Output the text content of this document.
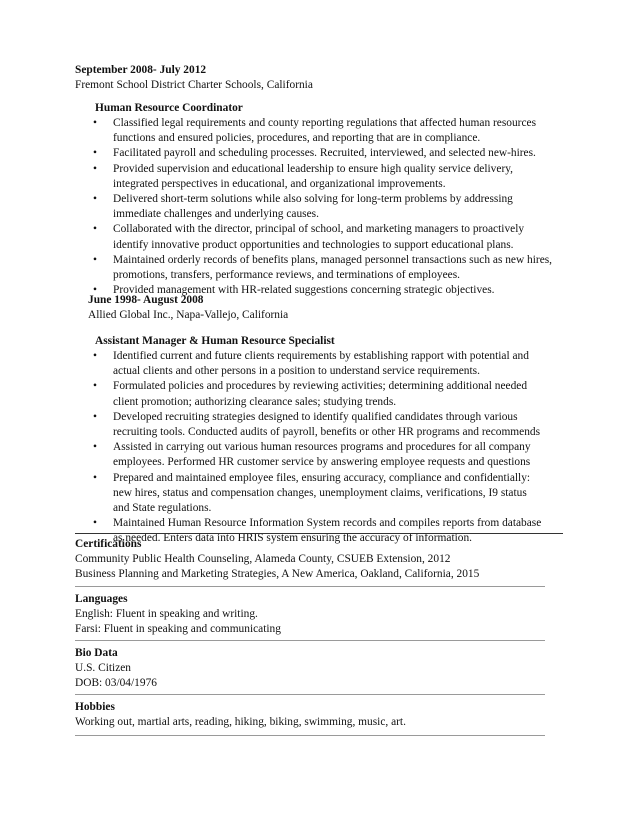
September 2008- July 2012
Fremont School District Charter Schools, California
Human Resource Coordinator
• Classified legal requirements and county reporting regulations that affected human resources
functions and ensured policies, procedures, and reporting that are in compliance.
• Facilitated payroll and scheduling processes. Recruited, interviewed, and selected new-hires.
• Provided supervision and educational leadership to ensure high quality service delivery,
integrated perspectives in educational, and organizational improvements.
• Delivered short-term solutions while also solving for long-term problems by addressing
immediate challenges and underlying causes.
• Collaborated with the director, principal of school, and marketing managers to proactively
identify innovative product opportunities and technologies to support educational plans.
• Maintained orderly records of benefits plans, managed personnel transactions such as new hires,
promotions, transfers, performance reviews, and terminations of employees.
• Provided management with HR-related suggestions concerning strategic objectives.
June 1998- August 2008
Allied Global Inc., Napa-Vallejo, California
Assistant Manager & Human Resource Specialist
• Identified current and future clients requirements by establishing rapport with potential and
actual clients and other persons in a position to understand service requirements.
• Formulated policies and procedures by reviewing activities; determining additional needed
client promotion; authorizing clearance sales; studying trends.
• Developed recruiting strategies designed to identify qualified candidates through various
recruiting tools. Conducted audits of payroll, benefits or other HR programs and recommends
• Assisted in carrying out various human resources programs and procedures for all company
employees. Performed HR customer service by answering employee requests and questions
• Prepared and maintained employee files, ensuring accuracy, compliance and confidentially:
new hires, status and compensation changes, unemployment claims, verifications, I9 status
and State regulations.
• Maintained Human Resource Information System records and compiles reports from database
as needed. Enters data into HRIS system ensuring the accuracy of information.
Certifications
Community Public Health Counseling, Alameda County, CSUEB Extension, 2012
Business Planning and Marketing Strategies, A New America, Oakland, California, 2015
Languages
English: Fluent in speaking and writing.
Farsi: Fluent in speaking and communicating
Bio Data
U.S. Citizen
DOB: 03/04/1976
Hobbies
Working out, martial arts, reading, hiking, biking, swimming, music, art.
